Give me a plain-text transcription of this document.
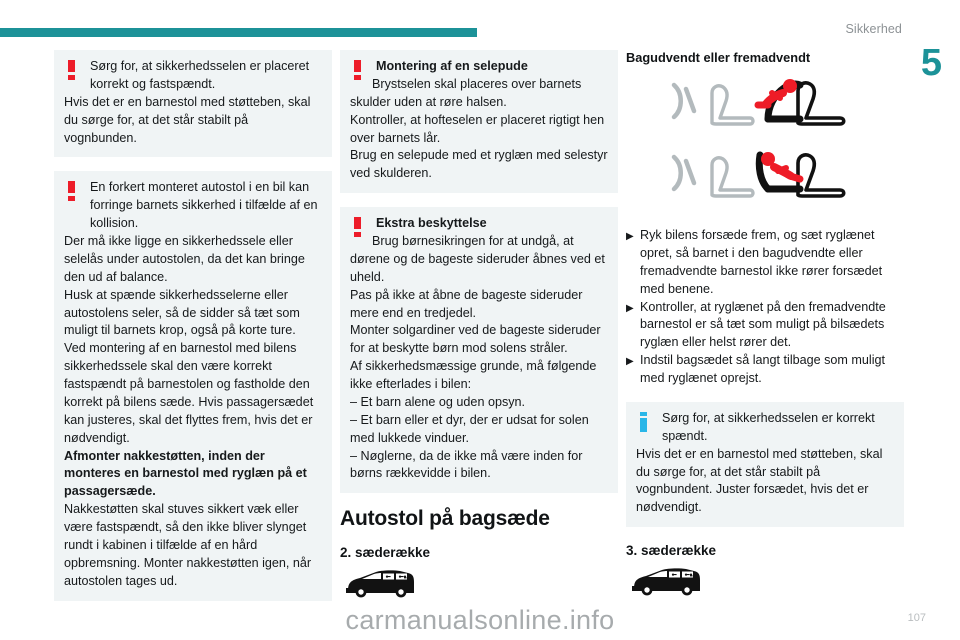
Sikkerhed
5

Sørg for, at sikkerhedsselen er placeret korrekt og fastspændt.

Hvis det er en barnestol med støtteben, skal du sørge for, at det står stabilt på vognbunden.

En forkert monteret autostol i en bil kan forringe barnets sikkerhed i tilfælde af en kollision.

Der må ikke ligge en sikkerhedssele eller selelås under autostolen, da det kan bringe den ud af balance.

Husk at spænde sikkerhedsselerne eller autostolens seler, så de sidder så tæt som muligt til barnets krop, også på korte ture.

Ved montering af en barnestol med bilens sikkerhedssele skal den være korrekt fastspændt på barnestolen og fastholde den korrekt på bilens sæde. Hvis passagersædet kan justeres, skal det flyttes frem, hvis det er nødvendigt.

Afmonter nakkestøtten, inden der monteres en barnestol med ryglæn på et passagersæde.

Nakkestøtten skal stuves sikkert væk eller være fastspændt, så den ikke bliver slynget rundt i kabinen i tilfælde af en hård opbremsning. Monter nakkestøtten igen, når autostolen tages ud.

Montering af en selepude

Brystselen skal placeres over barnets skulder uden at røre halsen.

Kontroller, at hofteselen er placeret rigtigt hen over barnets lår.

Brug en selepude med et ryglæn med selestyr ved skulderen.

Ekstra beskyttelse

Brug børnesikringen for at undgå, at dørene og de bageste sideruder åbnes ved et uheld.

Pas på ikke at åbne de bageste sideruder mere end en tredjedel.

Monter solgardiner ved de bageste sideruder for at beskytte børn mod solens stråler.

Af sikkerhedsmæssige grunde, må følgende ikke efterlades i bilen:

– Et barn alene og uden opsyn.

– Et barn eller et dyr, der er udsat for solen med lukkede vinduer.

– Nøglerne, da de ikke må være inden for børns rækkevidde i bilen.

Autostol på bagsæde
2. sæderække
Bagudvendt eller fremadvendt

▶ Ryk bilens forsæde frem, og sæt ryglænet opret, så barnet i den bagudvendte eller fremadvendte barnestol ikke rører forsædet med benene.

▶ Kontroller, at ryglænet på den fremadvendte barnestol er så tæt som muligt på bilsædets ryglæn eller helst rører det.

▶ Indstil bagsædet så langt tilbage som muligt med ryglænet oprejst.

Sørg for, at sikkerhedsselen er korrekt spændt.

Hvis det er en barnestol med støtteben, skal du sørge for, at det står stabilt på vognbundent. Juster forsædet, hvis det er nødvendigt.

3. sæderække
107
carmanualsonline.info
